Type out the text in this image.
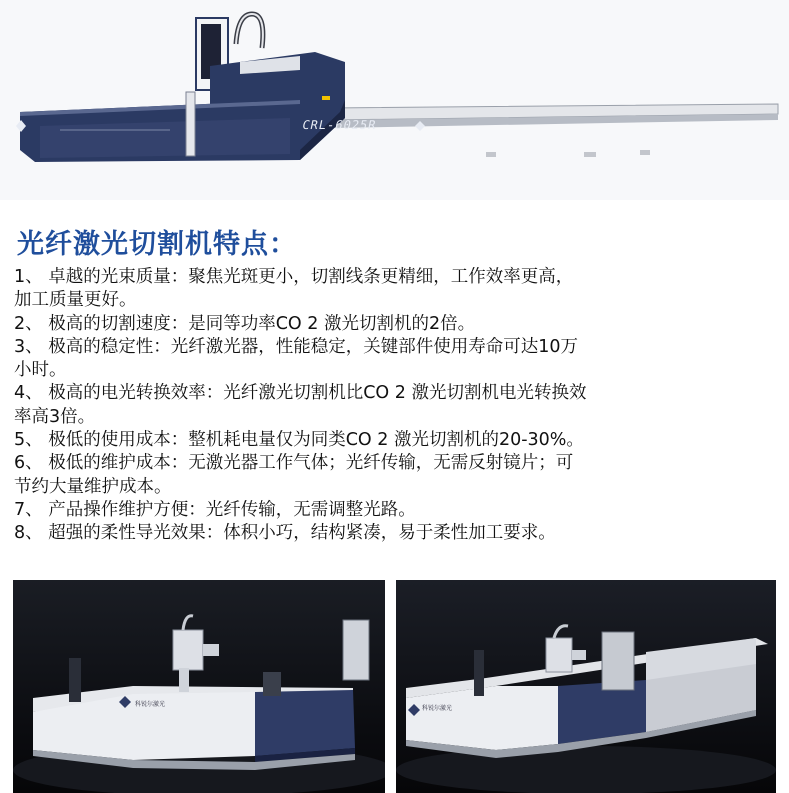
CRL-6025R
光纤激光切割机特点：
1、 卓越的光束质量：聚焦光斑更小，切割线条更精细，工作效率更高，
加工质量更好。
2、 极高的切割速度：是同等功率CO 2 激光切割机的2倍。
3、 极高的稳定性：光纤激光器，性能稳定，关键部件使用寿命可达10万
小时。
4、 极高的电光转换效率：光纤激光切割机比CO 2 激光切割机电光转换效
率高3倍。
5、 极低的使用成本：整机耗电量仅为同类CO 2 激光切割机的20-30%。
6、 极低的维护成本：无激光器工作气体；光纤传输，无需反射镜片；可
节约大量维护成本。
7、 产品操作维护方便：光纤传输，无需调整光路。
8、 超强的柔性导光效果：体积小巧，结构紧凑，易于柔性加工要求。
科锐尔激光
科锐尔激光
